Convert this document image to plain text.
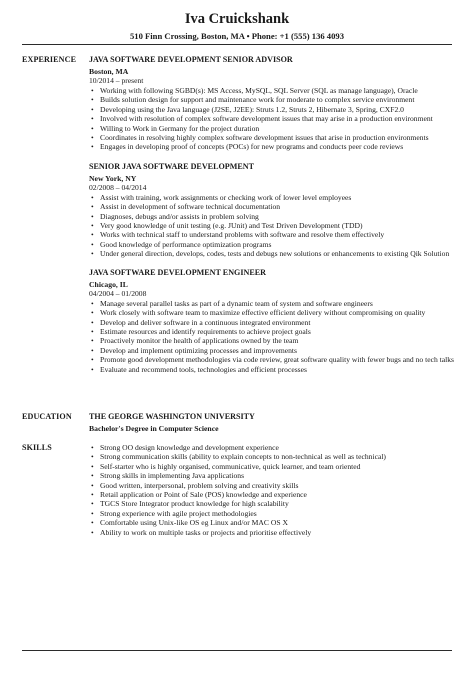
Iva Cruickshank
510 Finn Crossing, Boston, MA • Phone: +1 (555) 136 4093
EXPERIENCE JAVA SOFTWARE DEVELOPMENT SENIOR ADVISOR
Boston, MA
10/2014 – present
• Working with following SGBD(s): MS Access, MySQL, SQL Server (SQL as manage language), Oracle
• Builds solution design for support and maintenance work for moderate to complex service environment
• Developing using the Java language (J2SE, J2EE): Struts 1.2, Struts 2, Hibernate 3, Spring, CXF2.0
• Involved with resolution of complex software development issues that may arise in a production environment
• Willing to Work in Germany for the project duration
• Coordinates in resolving highly complex software development issues that arise in production environments
• Engages in developing proof of concepts (POCs) for new programs and conducts peer code reviews
SENIOR JAVA SOFTWARE DEVELOPMENT
New York, NY
02/2008 – 04/2014
• Assist with training, work assignments or checking work of lower level employees
• Assist in development of software technical documentation
• Diagnoses, debugs and/or assists in problem solving
• Very good knowledge of unit testing (e.g. JUnit) and Test Driven Development (TDD)
• Works with technical staff to understand problems with software and resolve them effectively
• Good knowledge of performance optimization programs
• Under general direction, develops, codes, tests and debugs new solutions or enhancements to existing Qik Solution
JAVA SOFTWARE DEVELOPMENT ENGINEER
Chicago, IL
04/2004 – 01/2008
• Manage several parallel tasks as part of a dynamic team of system and software engineers
• Work closely with software team to maximize effective efficient delivery without compromising on quality
• Develop and deliver software in a continuous integrated environment
• Estimate resources and identify requirements to achieve project goals
• Proactively monitor the health of applications owned by the team
• Develop and implement optimizing processes and improvements
• Promote good development methodologies via code review, great software quality with fewer bugs and no tech talks
• Evaluate and recommend tools, technologies and efficient processes
EDUCATION THE GEORGE WASHINGTON UNIVERSITY
Bachelor's Degree in Computer Science
SKILLS	• Strong OO design knowledge and development experience
• Strong communication skills (ability to explain concepts to non-technical as well as technical)
• Self-starter who is highly organised, communicative, quick learner, and team oriented
• Strong skills in implementing Java applications
• Good written, interpersonal, problem solving and creativity skills
• Retail application or Point of Sale (POS) knowledge and experience
• TGCS Store Integrator product knowledge for high scalability
• Strong experience with agile project methodologies
• Comfortable using Unix-like OS eg Linux and/or MAC OS X
• Ability to work on multiple tasks or projects and prioritise effectively
